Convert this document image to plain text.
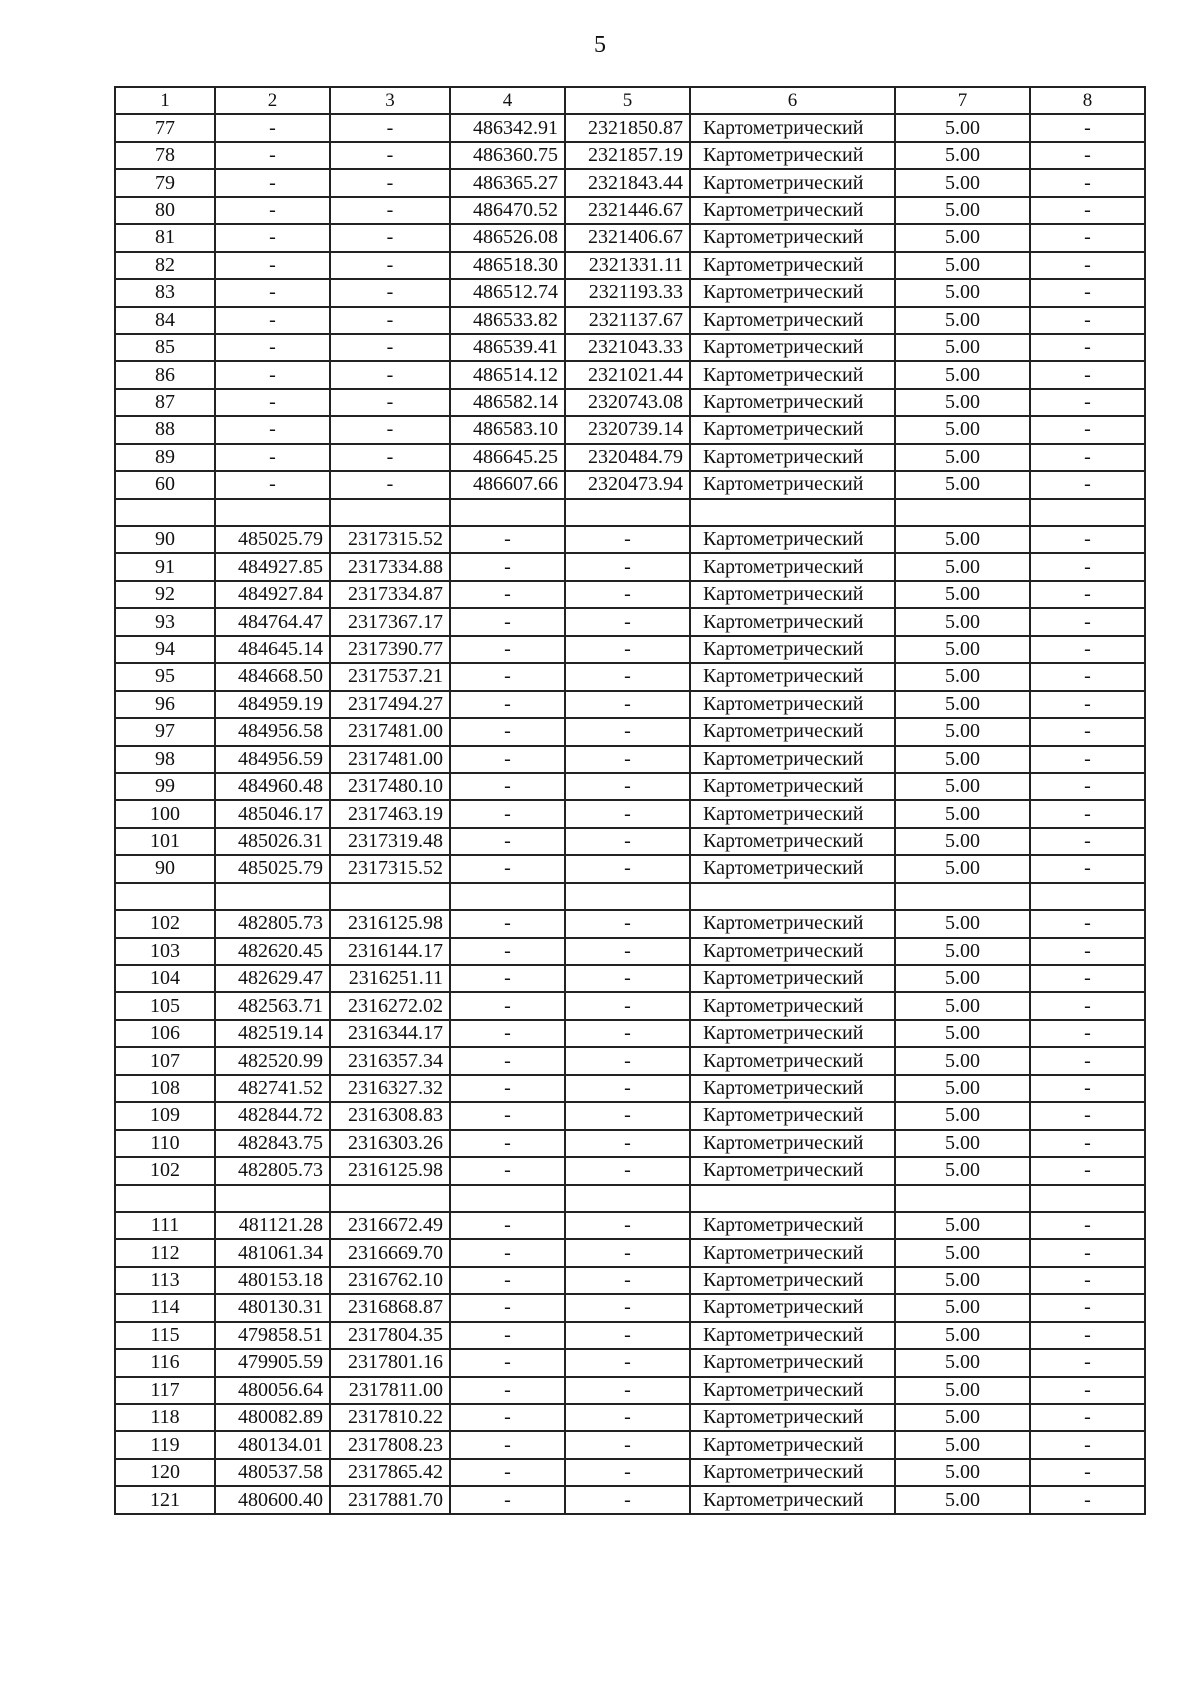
5
1	2	3	4	5	6	7	8
77	-	-	486342.91	2321850.87	Картометрический	5.00	-
78	-	-	486360.75	2321857.19	Картометрический	5.00	-
79	-	-	486365.27	2321843.44	Картометрический	5.00	-
80	-	-	486470.52	2321446.67	Картометрический	5.00	-
81	-	-	486526.08	2321406.67	Картометрический	5.00	-
82	-	-	486518.30	2321331.11	Картометрический	5.00	-
83	-	-	486512.74	2321193.33	Картометрический	5.00	-
84	-	-	486533.82	2321137.67	Картометрический	5.00	-
85	-	-	486539.41	2321043.33	Картометрический	5.00	-
86	-	-	486514.12	2321021.44	Картометрический	5.00	-
87	-	-	486582.14	2320743.08	Картометрический	5.00	-
88	-	-	486583.10	2320739.14	Картометрический	5.00	-
89	-	-	486645.25	2320484.79	Картометрический	5.00	-
60	-	-	486607.66	2320473.94	Картометрический	5.00	-

90	485025.79	2317315.52	-	-	Картометрический	5.00	-
91	484927.85	2317334.88	-	-	Картометрический	5.00	-
92	484927.84	2317334.87	-	-	Картометрический	5.00	-
93	484764.47	2317367.17	-	-	Картометрический	5.00	-
94	484645.14	2317390.77	-	-	Картометрический	5.00	-
95	484668.50	2317537.21	-	-	Картометрический	5.00	-
96	484959.19	2317494.27	-	-	Картометрический	5.00	-
97	484956.58	2317481.00	-	-	Картометрический	5.00	-
98	484956.59	2317481.00	-	-	Картометрический	5.00	-
99	484960.48	2317480.10	-	-	Картометрический	5.00	-
100	485046.17	2317463.19	-	-	Картометрический	5.00	-
101	485026.31	2317319.48	-	-	Картометрический	5.00	-
90	485025.79	2317315.52	-	-	Картометрический	5.00	-

102	482805.73	2316125.98	-	-	Картометрический	5.00	-
103	482620.45	2316144.17	-	-	Картометрический	5.00	-
104	482629.47	2316251.11	-	-	Картометрический	5.00	-
105	482563.71	2316272.02	-	-	Картометрический	5.00	-
106	482519.14	2316344.17	-	-	Картометрический	5.00	-
107	482520.99	2316357.34	-	-	Картометрический	5.00	-
108	482741.52	2316327.32	-	-	Картометрический	5.00	-
109	482844.72	2316308.83	-	-	Картометрический	5.00	-
110	482843.75	2316303.26	-	-	Картометрический	5.00	-
102	482805.73	2316125.98	-	-	Картометрический	5.00	-

111	481121.28	2316672.49	-	-	Картометрический	5.00	-
112	481061.34	2316669.70	-	-	Картометрический	5.00	-
113	480153.18	2316762.10	-	-	Картометрический	5.00	-
114	480130.31	2316868.87	-	-	Картометрический	5.00	-
115	479858.51	2317804.35	-	-	Картометрический	5.00	-
116	479905.59	2317801.16	-	-	Картометрический	5.00	-
117	480056.64	2317811.00	-	-	Картометрический	5.00	-
118	480082.89	2317810.22	-	-	Картометрический	5.00	-
119	480134.01	2317808.23	-	-	Картометрический	5.00	-
120	480537.58	2317865.42	-	-	Картометрический	5.00	-
121	480600.40	2317881.70	-	-	Картометрический	5.00	-
